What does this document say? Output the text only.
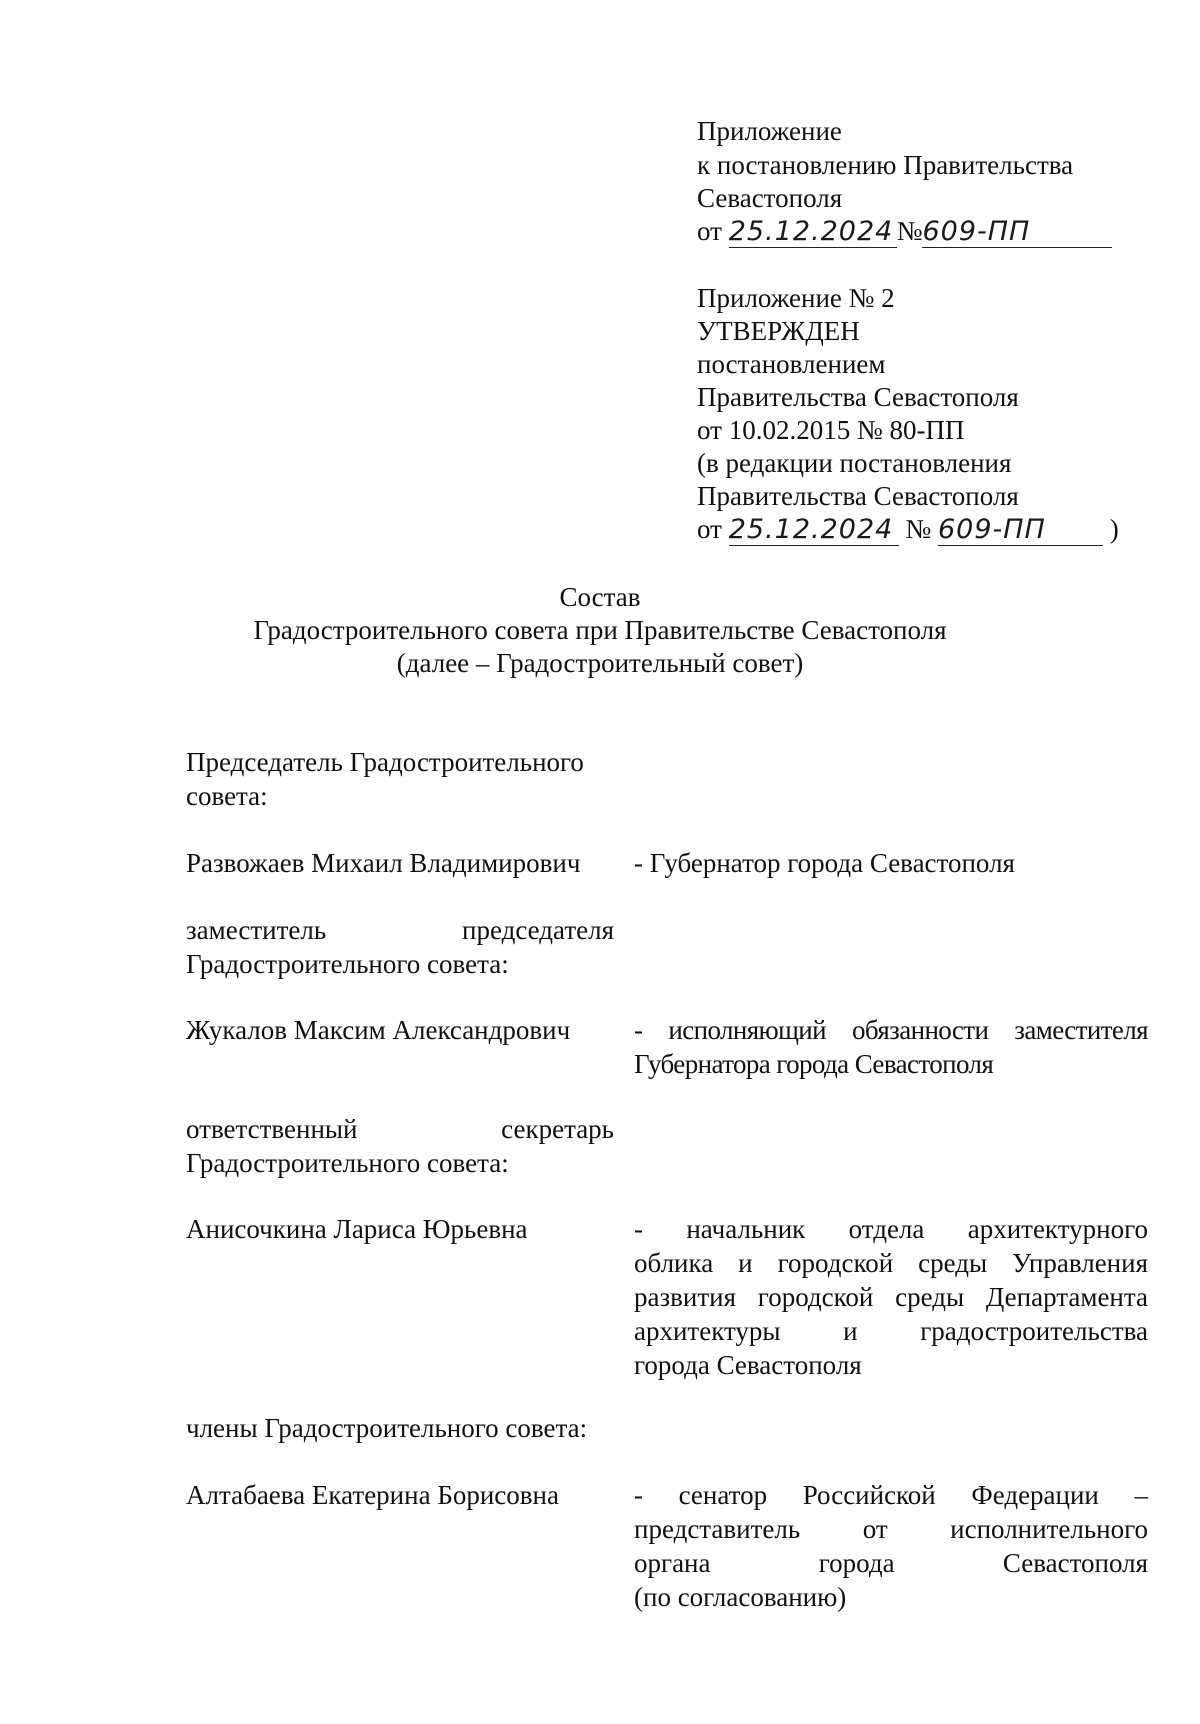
Приложение
к постановлению Правительства
Севастополя
от 25.12.2024 №609-ПП
Приложение № 2
УТВЕРЖДЕН
постановлением
Правительства Севастополя
от 10.02.2015 № 80-ПП
(в редакции постановления
Правительства Севастополя
от 25.12.2024 № 609-ПП )
Состав
Градостроительного совета при Правительстве Севастополя
(далее – Градостроительный совет)
Председатель Градостроительного
совета:
Развожаев Михаил Владимирович	- Губернатор города Севастополя
заместитель председателя
Градостроительного совета:
Жукалов Максим Александрович	- исполняющий обязанности заместителя
Губернатора города Севастополя
ответственный секретарь
Градостроительного совета:
Анисочкина Лариса Юрьевна	- начальник отдела архитектурного
облика и городской среды Управления
развития городской среды Департамента
архитектуры и градостроительства
города Севастополя
члены Градостроительного совета:
Алтабаева Екатерина Борисовна	- сенатор Российской Федерации –
представитель от исполнительного
органа города Севастополя
(по согласованию)
